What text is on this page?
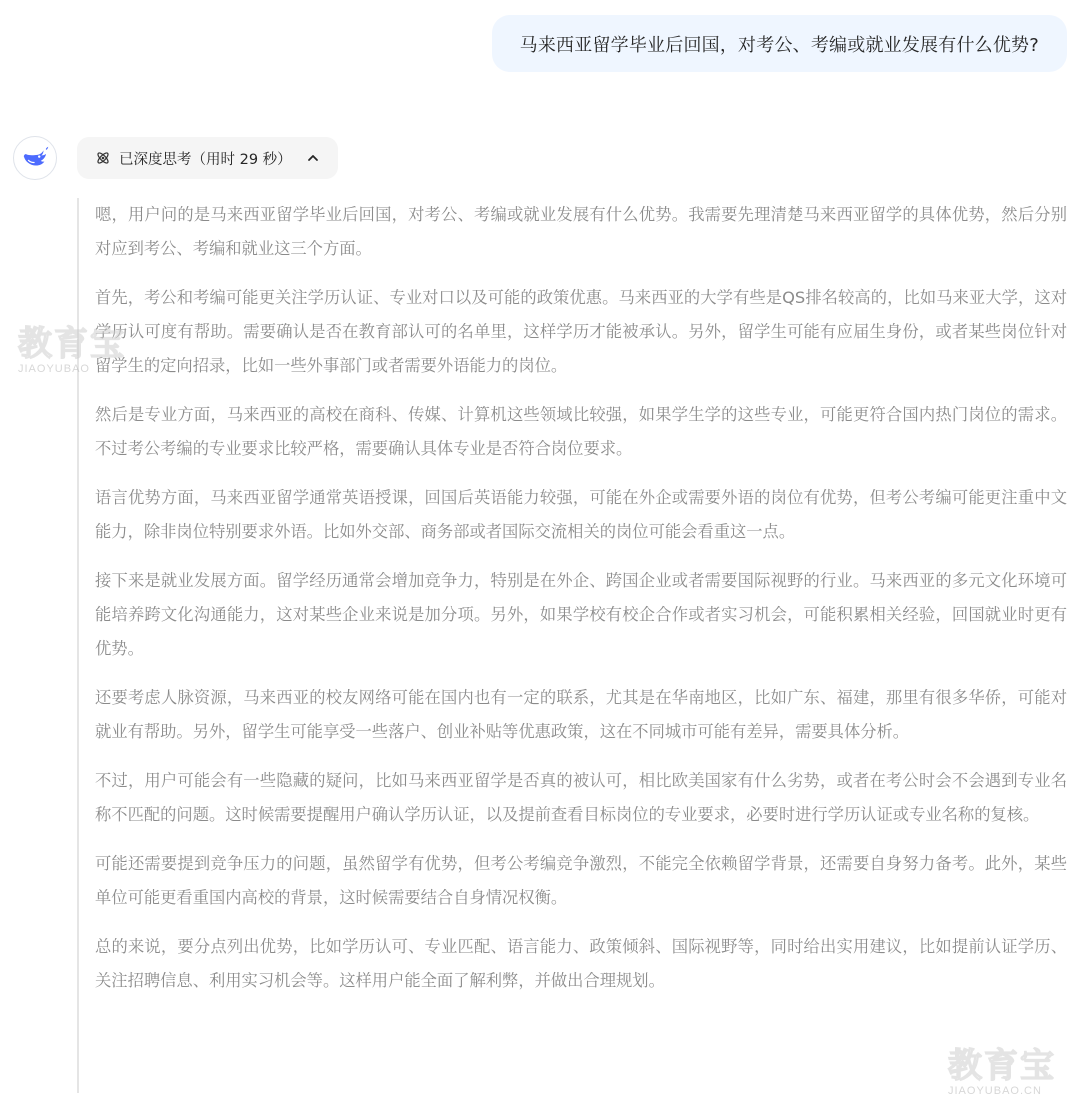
马来西亚留学毕业后回国，对考公、考编或就业发展有什么优势?
已深度思考（用时 29 秒）

嗯，用户问的是马来西亚留学毕业后回国，对考公、考编或就业发展有什么优势。我需要先理清楚马来西亚留学的具体优势，然后分别对应到考公、考编和就业这三个方面。

首先，考公和考编可能更关注学历认证、专业对口以及可能的政策优惠。马来西亚的大学有些是QS排名较高的，比如马来亚大学，这对学历认可度有帮助。需要确认是否在教育部认可的名单里，这样学历才能被承认。另外，留学生可能有应届生身份，或者某些岗位针对留学生的定向招录，比如一些外事部门或者需要外语能力的岗位。

然后是专业方面，马来西亚的高校在商科、传媒、计算机这些领域比较强，如果学生学的这些专业，可能更符合国内热门岗位的需求。不过考公考编的专业要求比较严格，需要确认具体专业是否符合岗位要求。

语言优势方面，马来西亚留学通常英语授课，回国后英语能力较强，可能在外企或需要外语的岗位有优势，但考公考编可能更注重中文能力，除非岗位特别要求外语。比如外交部、商务部或者国际交流相关的岗位可能会看重这一点。

接下来是就业发展方面。留学经历通常会增加竞争力，特别是在外企、跨国企业或者需要国际视野的行业。马来西亚的多元文化环境可能培养跨文化沟通能力，这对某些企业来说是加分项。另外，如果学校有校企合作或者实习机会，可能积累相关经验，回国就业时更有优势。

还要考虑人脉资源，马来西亚的校友网络可能在国内也有一定的联系，尤其是在华南地区，比如广东、福建，那里有很多华侨，可能对就业有帮助。另外，留学生可能享受一些落户、创业补贴等优惠政策，这在不同城市可能有差异，需要具体分析。

不过，用户可能会有一些隐藏的疑问，比如马来西亚留学是否真的被认可，相比欧美国家有什么劣势，或者在考公时会不会遇到专业名称不匹配的问题。这时候需要提醒用户确认学历认证，以及提前查看目标岗位的专业要求，必要时进行学历认证或专业名称的复核。

可能还需要提到竞争压力的问题，虽然留学有优势，但考公考编竞争激烈，不能完全依赖留学背景，还需要自身努力备考。此外，某些单位可能更看重国内高校的背景，这时候需要结合自身情况权衡。

总的来说，要分点列出优势，比如学历认可、专业匹配、语言能力、政策倾斜、国际视野等，同时给出实用建议，比如提前认证学历、关注招聘信息、利用实习机会等。这样用户能全面了解利弊，并做出合理规划。

教育宝
JIAOYUBAO
教育宝
JIAOYUBAO.CN
